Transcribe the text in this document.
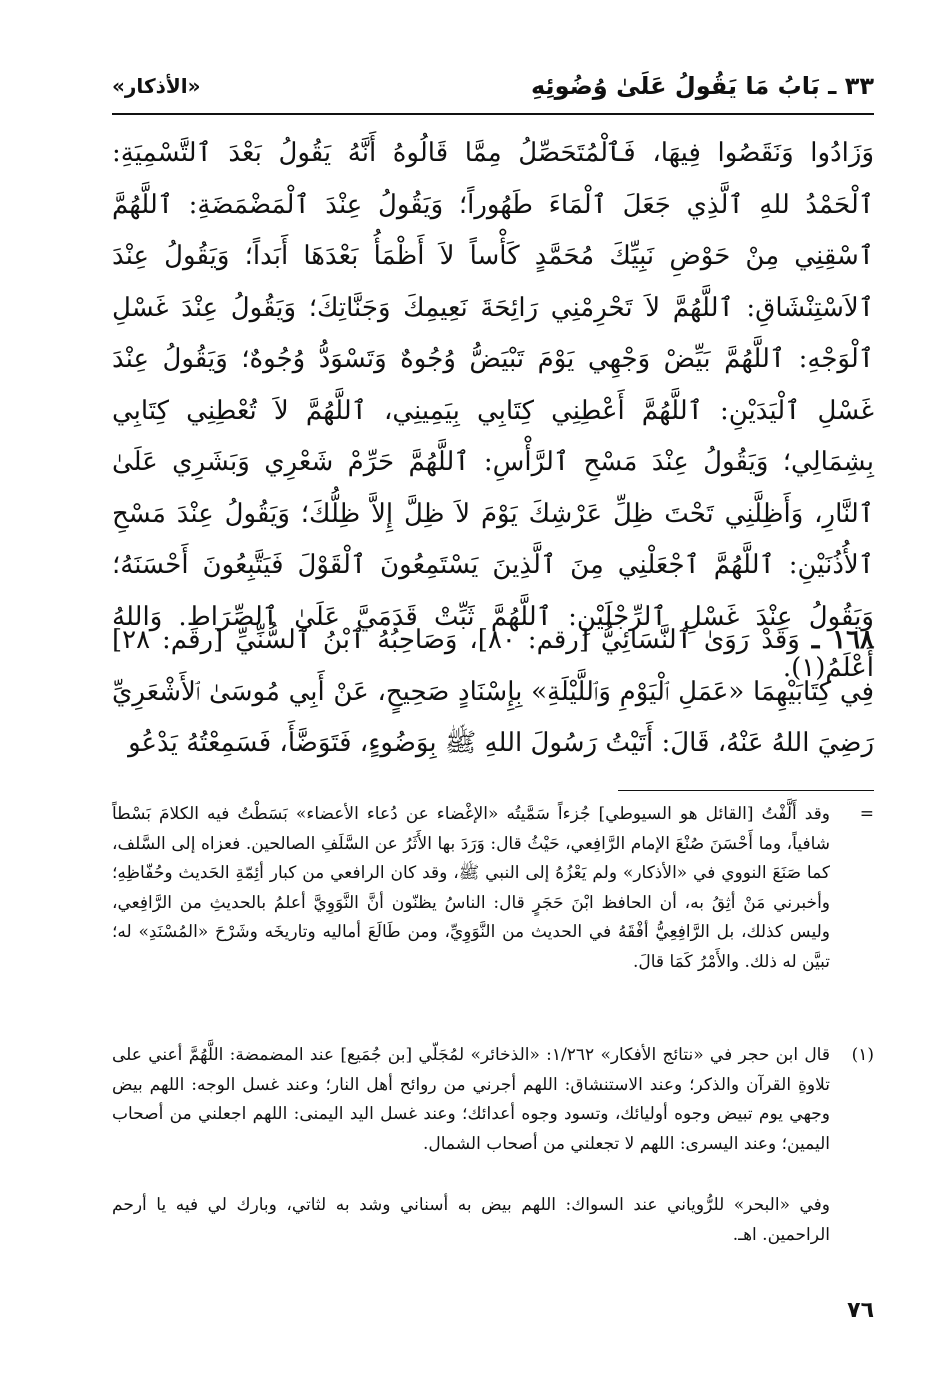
٣٣ ـ بَابُ مَا يَقُولُ عَلَىٰ وُضُوئِهِ
«الأذكار»

وَزَادُوا وَنَقَصُوا فِيهَا، فَٱلْمُتَحَصِّلُ مِمَّا قَالُوهُ أَنَّهُ يَقُولُ بَعْدَ ٱلتَّسْمِيَةِ: ٱلْحَمْدُ للهِ ٱلَّذِي جَعَلَ ٱلْمَاءَ طَهُوراً؛ وَيَقُولُ عِنْدَ ٱلْمَضْمَضَةِ: ٱللَّهُمَّ ٱسْقِنِي مِنْ حَوْضِ نَبِيِّكَ مُحَمَّدٍ كَأْساً لاَ أَظْمَأُ بَعْدَهَا أَبَداً؛ وَيَقُولُ عِنْدَ ٱلاَسْتِنْشَاقِ: ٱللَّهُمَّ لاَ تَحْرِمْنِي رَائِحَةَ نَعِيمِكَ وَجَنَّاتِكَ؛ وَيَقُولُ عِنْدَ غَسْلِ ٱلْوَجْهِ: ٱللَّهُمَّ بَيِّضْ وَجْهِي يَوْمَ تَبْيَضُّ وُجُوهٌ وَتَسْوَدُّ وُجُوهٌ؛ وَيَقُولُ عِنْدَ غَسْلِ ٱلْيَدَيْنِ: ٱللَّهُمَّ أَعْطِنِي كِتَابِي بِيَمِينِي، ٱللَّهُمَّ لاَ تُعْطِنِي كِتَابِي بِشِمَالِي؛ وَيَقُولُ عِنْدَ مَسْحِ ٱلرَّأْسِ: ٱللَّهُمَّ حَرِّمْ شَعْرِي وَبَشَرِي عَلَىٰ ٱلنَّارِ، وَأَظِلَّنِي تَحْتَ ظِلِّ عَرْشِكَ يَوْمَ لاَ ظِلَّ إِلاَّ ظِلُّكَ؛ وَيَقُولُ عِنْدَ مَسْحِ ٱلأُذُنَيْنِ: ٱللَّهُمَّ ٱجْعَلْنِي مِنَ ٱلَّذِينَ يَسْتَمِعُونَ ٱلْقَوْلَ فَيَتَّبِعُونَ أَحْسَنَهُ؛ وَيَقُولُ عِنْدَ غَسْلِ ٱلرِّجْلَيْنِ: ٱللَّهُمَّ ثَبِّتْ قَدَمَيَّ عَلَىٰ ٱلصِّرَاطِ. وَاللهُ أَعْلَمُ(١).

١٦٨ ـ وَقَدْ رَوَىٰ ٱلنَّسَائِيُّ [رقم: ٨٠]، وَصَاحِبُهُ ٱبْنُ ٱلسُّنِّيِّ [رقم: ٢٨] فِي كِتَابَيْهِمَا «عَمَلِ ٱلْيَوْمِ وَٱللَّيْلَةِ» بِإِسْنَادٍ صَحِيحٍ، عَنْ أَبِي مُوسَىٰ ٱلأَشْعَرِيِّ رَضِيَ اللهُ عَنْهُ، قَالَ: أَتَيْتُ رَسُولَ اللهِ ﷺ بِوَضُوءٍ، فَتَوَضَّأَ، فَسَمِعْتُهُ يَدْعُو

=

وقد أَلَّفْتُ [القائل هو السيوطي] جُزءاً سَمَّيتُه «الإغْضاء عن دُعاء الأعضاء» بَسَطْتُ فيه الكلامَ بَسْطاً شافياً، وما أَحْسَنَ صُنْعَ الإمام الرَّافِعي، حَيْثُ قال: وَرَدَ بها الأَثَرُ عن السَّلَفِ الصالحين. فعزاه إلى السَّلف، كما صَنَعَ النووي في «الأذكار» ولم يَعْزُهُ إلى النبي ﷺ، وقد كان الرافعي من كبار أئِمّةِ الحَديث وحُفّاظِهِ؛ وأخبرني مَنْ أثِقُ به، أن الحافظ ابْنَ حَجَرٍ قال: الناسُ يظنّون أنَّ النَّوَوِيَّ أعلمُ بالحديثِ من الرَّافِعي، وليس كذلك، بل الرَّافِعِيُّ أفْقَهُ في الحديث من النَّوَوِيِّ، ومن طَالَعَ أماليه وتاريخَه وشَرْحَ «المُسْنَدِ» له؛ تبيَّن له ذلك. والأَمْرُ كَمَا قالَ.

(١)

قال ابن حجر في «نتائج الأفكار» ١/٢٦٢: «الذخائر» لمُجَلّي [بن جُمَيع] عند المضمضة: اللَّهُمَّ أعني على تلاوةِ القرآن والذكر؛ وعند الاستنشاق: اللهم أجرني من روائح أهل النار؛ وعند غسل الوجه: اللهم بيض وجهي يوم تبيض وجوه أوليائك، وتسود وجوه أعدائك؛ وعند غسل اليد اليمنى: اللهم اجعلني من أصحاب اليمين؛ وعند اليسرى: اللهم لا تجعلني من أصحاب الشمال.

وفي «البحر» للرُّوياني عند السواك: اللهم بيض به أسناني وشد به لثاتي، وبارك لي فيه يا أرحم الراحمين. اهـ.

٧٦
